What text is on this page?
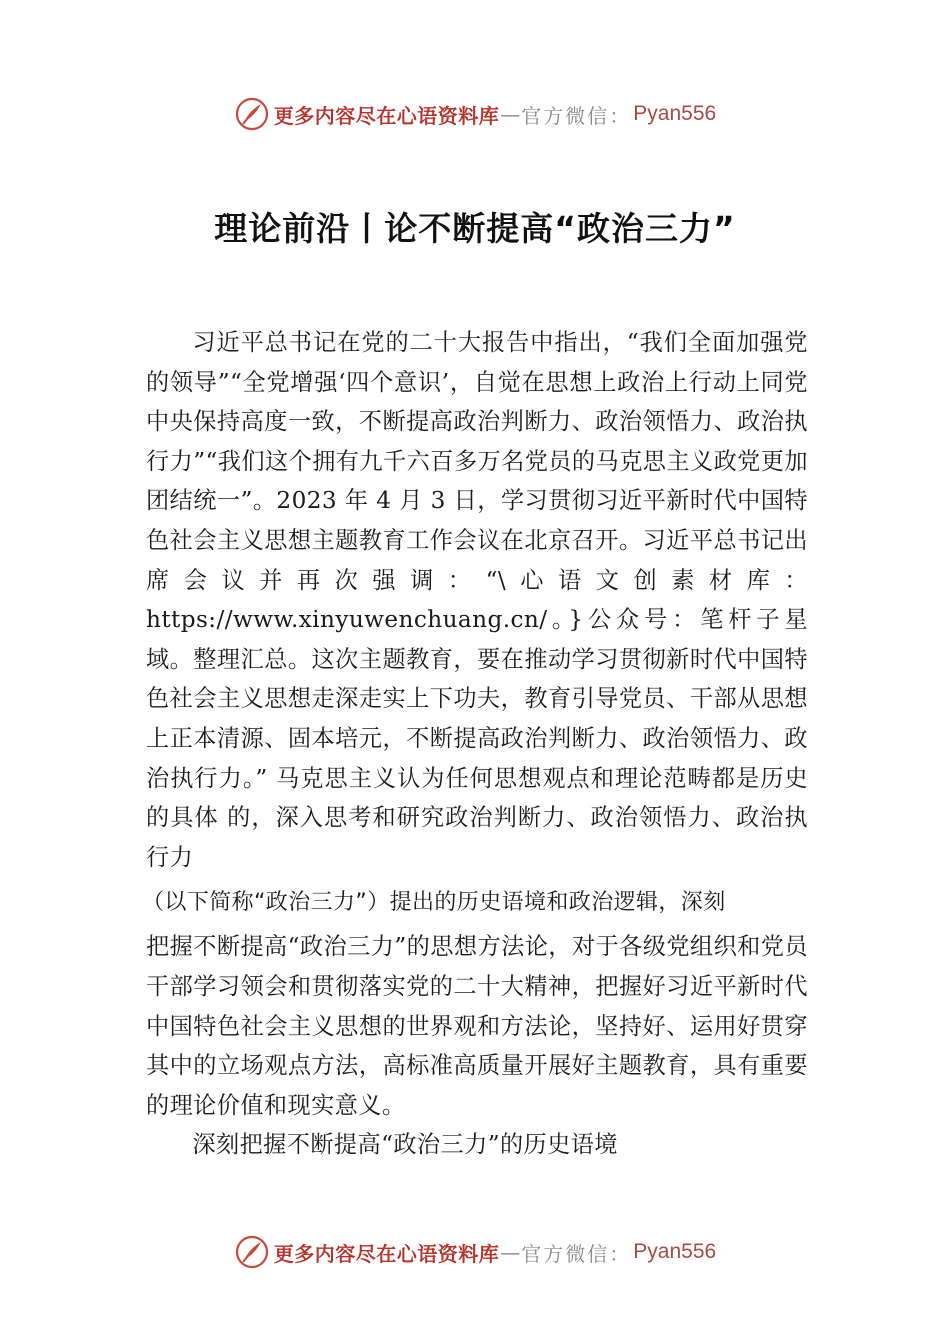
更多内容尽在心语资料库 — 官方微信： Pyan556
理论前沿丨论不断提高“政治三力”

习近平总书记在党的二十大报告中指出，“我们全面加强党的领导”“全党增强‘四个意识’，自觉在思想上政治上行动上同党中央保持高度一致，不断提高政治判断力、政治领悟力、政治执行力”“我们这个拥有九千六百多万名党员的马克思主义政党更加团结统一”。2023 年 4 月 3 日，学习贯彻习近平新时代中国特色社会主义思想主题教育工作会议在北京召开。习近平总书记出席会议并再次强调：“\心语文创素材库：https://www.xinyuwenchuang.cn/。}公众号：笔杆子星域。整理汇总。这次主题教育，要在推动学习贯彻新时代中国特色社会主义思想走深走实上下功夫，教育引导党员、干部从思想上正本清源、固本培元，不断提高政治判断力、政治领悟力、政治执行力。” 马克思主义认为任何思想观点和理论范畴都是历史的具体 的，深入思考和研究政治判断力、政治领悟力、政治执行力

（以下简称“政治三力”）提出的历史语境和政治逻辑，深刻

把握不断提高“政治三力”的思想方法论，对于各级党组织和党员干部学习领会和贯彻落实党的二十大精神，把握好习近平新时代中国特色社会主义思想的世界观和方法论，坚持好、运用好贯穿其中的立场观点方法，高标准高质量开展好主题教育，具有重要的理论价值和现实意义。

深刻把握不断提高“政治三力”的历史语境

更多内容尽在心语资料库 — 官方微信： Pyan556
